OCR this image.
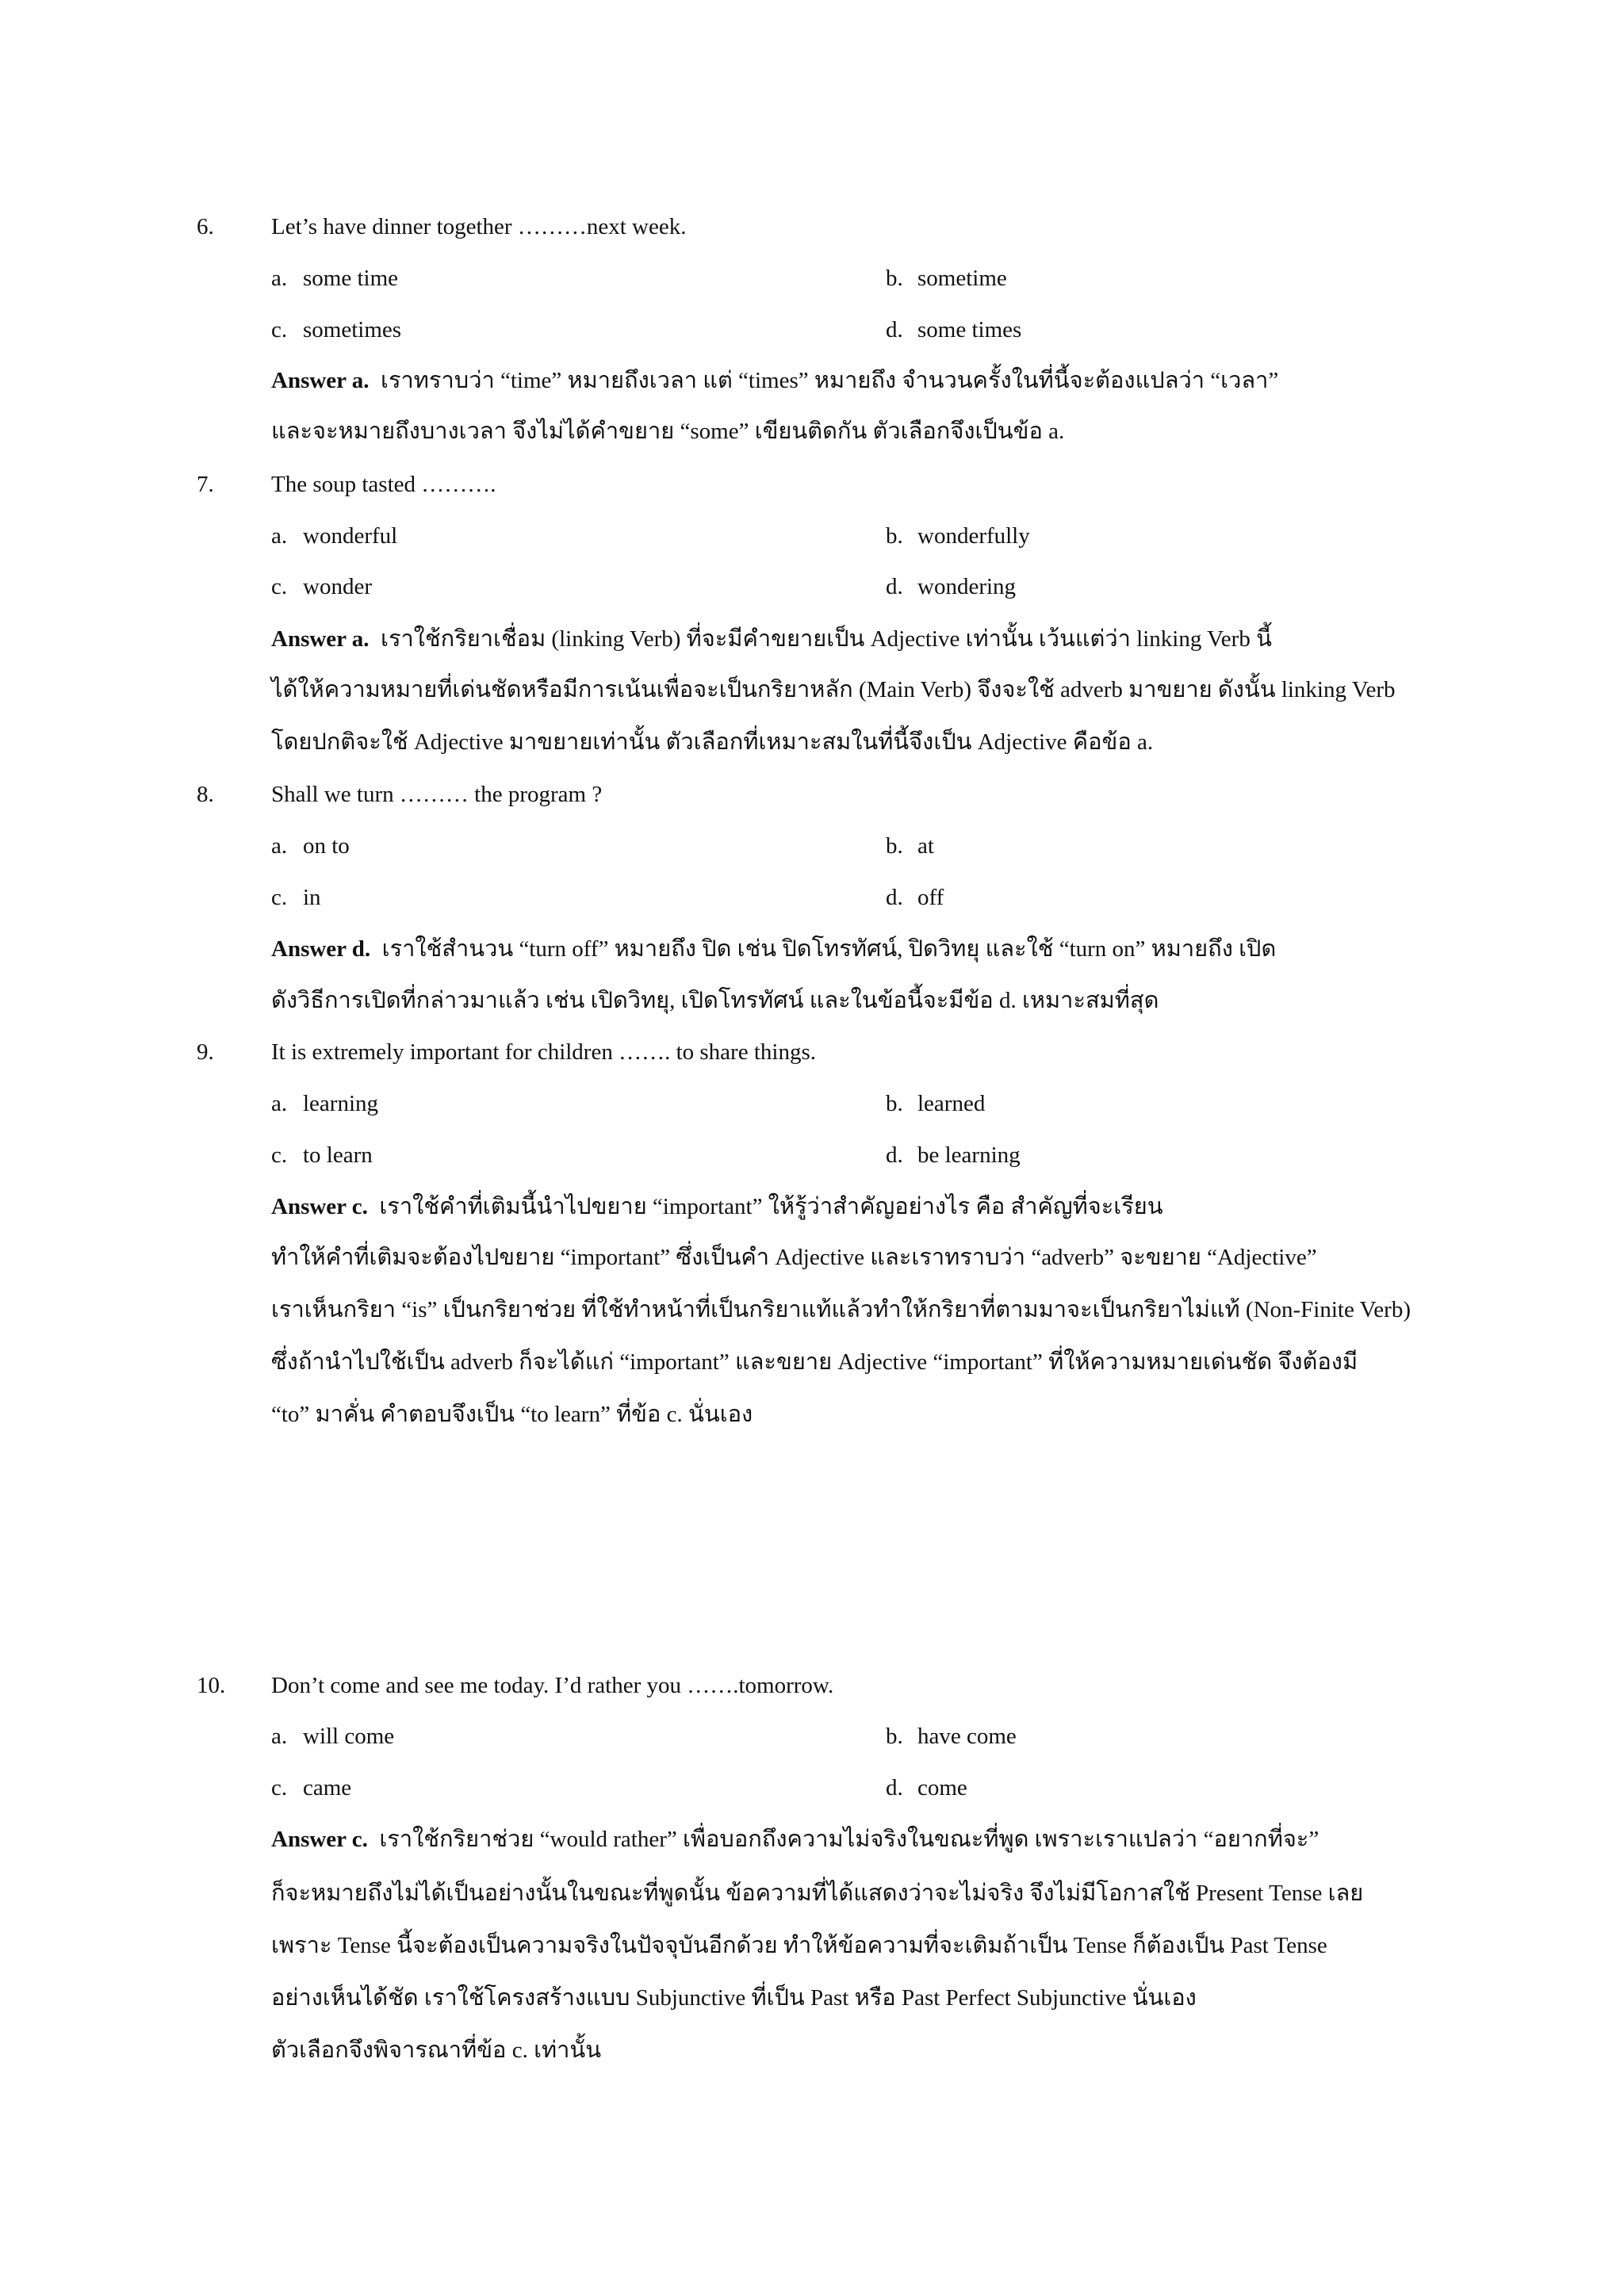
6. Let’s have dinner together ………next week.
a. some time	b. sometime
c. sometimes	d. some times
Answer a. เราทราบว่า “time” หมายถึงเวลา แต่ “times” หมายถึง จำนวนครั้งในที่นี้จะต้องแปลว่า “เวลา”
และจะหมายถึงบางเวลา จึงไม่ได้คำขยาย “some” เขียนติดกัน ตัวเลือกจึงเป็นข้อ a.
7. The soup tasted ……….
a. wonderful	b. wonderfully
c. wonder	d. wondering
Answer a. เราใช้กริยาเชื่อม (linking Verb) ที่จะมีคำขยายเป็น Adjective เท่านั้น เว้นแต่ว่า linking Verb นี้
ได้ให้ความหมายที่เด่นชัดหรือมีการเน้นเพื่อจะเป็นกริยาหลัก (Main Verb) จึงจะใช้ adverb มาขยาย ดังนั้น linking Verb
โดยปกติจะใช้ Adjective มาขยายเท่านั้น ตัวเลือกที่เหมาะสมในที่นี้จึงเป็น Adjective คือข้อ a.
8. Shall we turn ……… the program ?
a. on to	b. at
c. in	d. off
Answer d. เราใช้สำนวน “turn off” หมายถึง ปิด เช่น ปิดโทรทัศน์, ปิดวิทยุ และใช้ “turn on” หมายถึง เปิด
ดังวิธีการเปิดที่กล่าวมาแล้ว เช่น เปิดวิทยุ, เปิดโทรทัศน์ และในข้อนี้จะมีข้อ d. เหมาะสมที่สุด
9. It is extremely important for children ……. to share things.
a. learning	b. learned
c. to learn	d. be learning
Answer c. เราใช้คำที่เติมนี้นำไปขยาย “important” ให้รู้ว่าสำคัญอย่างไร คือ สำคัญที่จะเรียน
ทำให้คำที่เติมจะต้องไปขยาย “important” ซึ่งเป็นคำ Adjective และเราทราบว่า “adverb” จะขยาย “Adjective”
เราเห็นกริยา “is” เป็นกริยาช่วย ที่ใช้ทำหน้าที่เป็นกริยาแท้แล้วทำให้กริยาที่ตามมาจะเป็นกริยาไม่แท้ (Non-Finite Verb)
ซึ่งถ้านำไปใช้เป็น adverb ก็จะได้แก่ “important” และขยาย Adjective “important” ที่ให้ความหมายเด่นชัด จึงต้องมี
“to” มาคั่น คำตอบจึงเป็น “to learn” ที่ข้อ c. นั่นเอง
10. Don’t come and see me today. I’d rather you …….tomorrow.
a. will come	b. have come
c. came	d. come
Answer c. เราใช้กริยาช่วย “would rather” เพื่อบอกถึงความไม่จริงในขณะที่พูด เพราะเราแปลว่า “อยากที่จะ”
ก็จะหมายถึงไม่ได้เป็นอย่างนั้นในขณะที่พูดนั้น ข้อความที่ได้แสดงว่าจะไม่จริง จึงไม่มีโอกาสใช้ Present Tense เลย
เพราะ Tense นี้จะต้องเป็นความจริงในปัจจุบันอีกด้วย ทำให้ข้อความที่จะเติมถ้าเป็น Tense ก็ต้องเป็น Past Tense
อย่างเห็นได้ชัด เราใช้โครงสร้างแบบ Subjunctive ที่เป็น Past หรือ Past Perfect Subjunctive นั่นเอง
ตัวเลือกจึงพิจารณาที่ข้อ c. เท่านั้น
